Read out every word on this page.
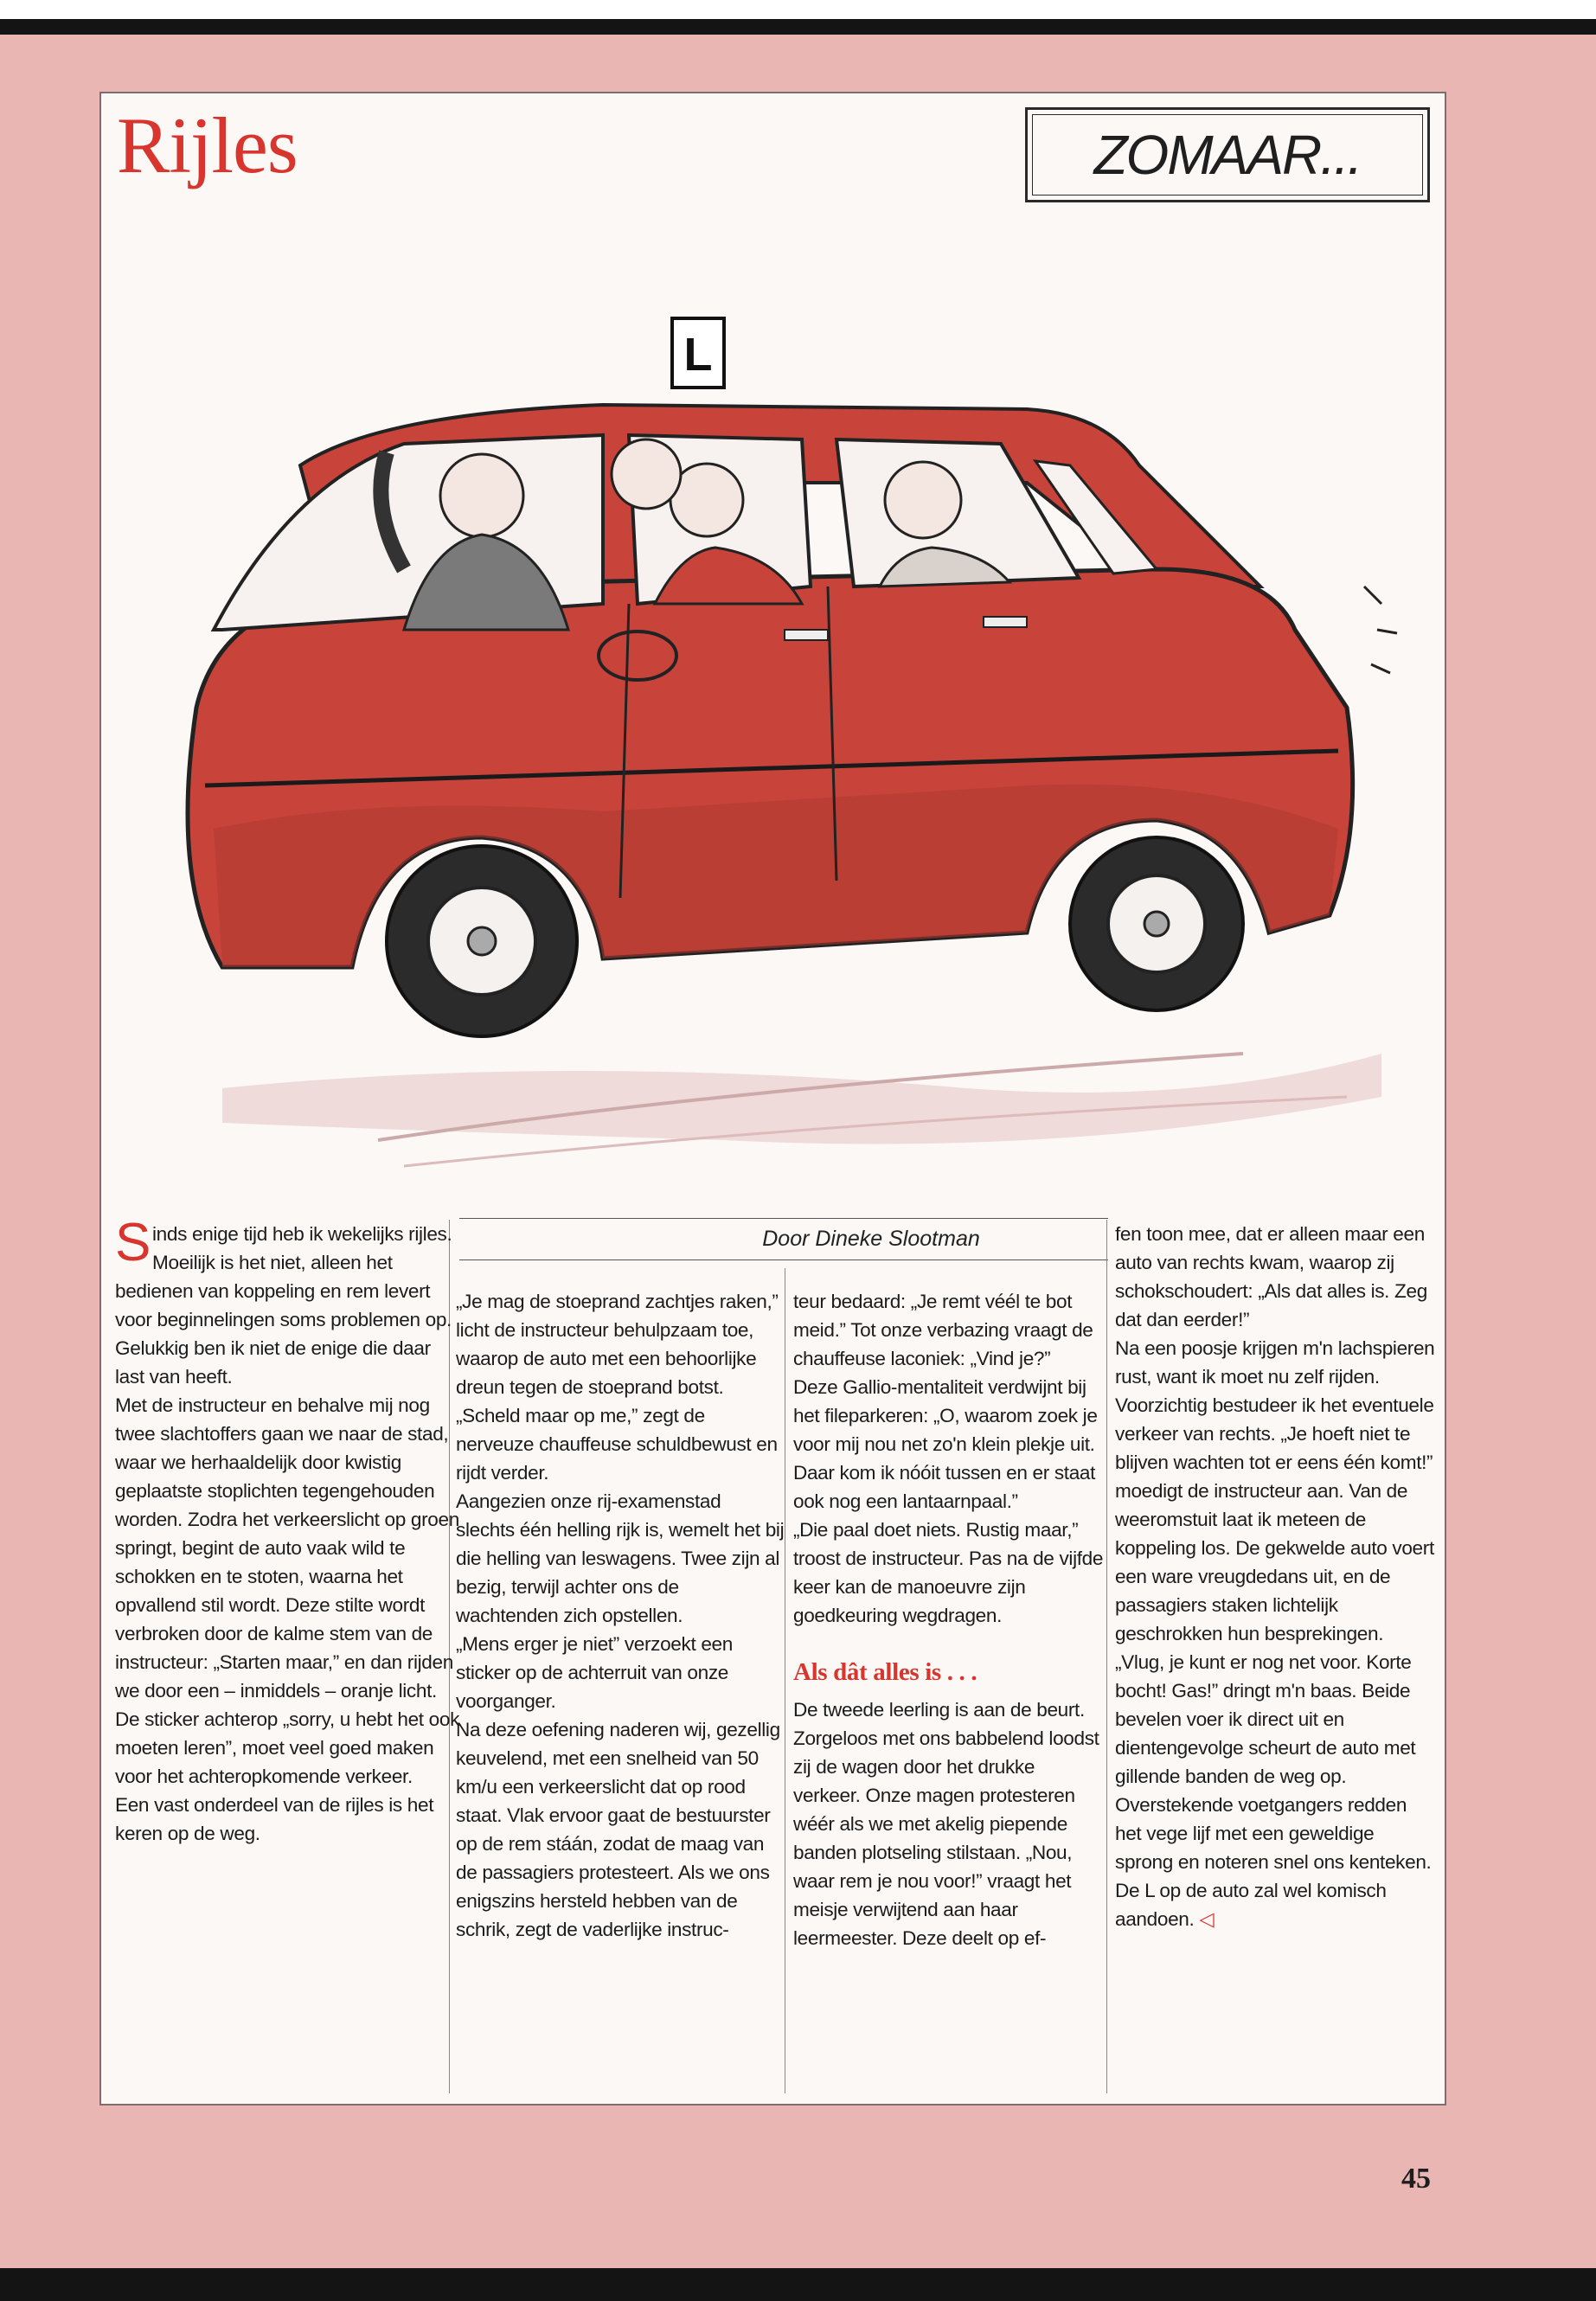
Rijles	ZOMAAR...
L
Door Dineke Slootman

Sinds enige tijd heb ik wekelijks rijles. Moeilijk is het niet, alleen het bedienen van koppeling en rem levert voor beginnelingen soms problemen op. Gelukkig ben ik niet de enige die daar last van heeft.

Met de instructeur en behalve mij nog twee slachtoffers gaan we naar de stad, waar we herhaaldelijk door kwistig geplaatste stoplichten tegengehouden worden. Zodra het verkeerslicht op groen springt, begint de auto vaak wild te schokken en te stoten, waarna het opvallend stil wordt. Deze stilte wordt verbroken door de kalme stem van de instructeur: „Starten maar,” en dan rijden we door een – inmiddels – oranje licht. De sticker achterop „sorry, u hebt het ook moeten leren”, moet veel goed maken voor het achteropkomende verkeer.

Een vast onderdeel van de rijles is het keren op de weg.

„Je mag de stoeprand zachtjes raken,” licht de instructeur behulpzaam toe, waarop de auto met een behoorlijke dreun tegen de stoeprand botst. „Scheld maar op me,” zegt de nerveuze chauffeuse schuldbewust en rijdt verder.

Aangezien onze rij-examenstad slechts één helling rijk is, wemelt het bij die helling van leswagens. Twee zijn al bezig, terwijl achter ons de wachtenden zich opstellen.

„Mens erger je niet” verzoekt een sticker op de achterruit van onze voorganger.

Na deze oefening naderen wij, gezellig keuvelend, met een snelheid van 50 km/u een verkeerslicht dat op rood staat. Vlak ervoor gaat de bestuurster op de rem stáán, zodat de maag van de passagiers protesteert. Als we ons enigszins hersteld hebben van de schrik, zegt de vaderlijke instruc-

teur bedaard: „Je remt véél te bot meid.” Tot onze verbazing vraagt de chauffeuse laconiek: „Vind je?”

Deze Gallio-mentaliteit verdwijnt bij het fileparkeren: „O, waarom zoek je voor mij nou net zo'n klein plekje uit. Daar kom ik nóóit tussen en er staat ook nog een lantaarnpaal.”

„Die paal doet niets. Rustig maar,” troost de instructeur. Pas na de vijfde keer kan de manoeuvre zijn goedkeuring wegdragen.

Als dât alles is . . .

De tweede leerling is aan de beurt. Zorgeloos met ons babbelend loodst zij de wagen door het drukke verkeer. Onze magen protesteren wéér als we met akelig piepende banden plotseling stilstaan. „Nou, waar rem je nou voor!” vraagt het meisje verwijtend aan haar leermeester. Deze deelt op ef-

fen toon mee, dat er alleen maar een auto van rechts kwam, waarop zij schokschoudert: „Als dat alles is. Zeg dat dan eerder!”

Na een poosje krijgen m'n lachspieren rust, want ik moet nu zelf rijden. Voorzichtig bestudeer ik het eventuele verkeer van rechts. „Je hoeft niet te blijven wachten tot er eens één komt!” moedigt de instructeur aan. Van de weeromstuit laat ik meteen de koppeling los. De gekwelde auto voert een ware vreugdedans uit, en de passagiers staken lichtelijk geschrokken hun besprekingen.

„Vlug, je kunt er nog net voor. Korte bocht! Gas!” dringt m'n baas. Beide bevelen voer ik direct uit en dientengevolge scheurt de auto met gillende banden de weg op. Overstekende voetgangers redden het vege lijf met een geweldige sprong en noteren snel ons kenteken. De L op de auto zal wel komisch aandoen. ◁

45
